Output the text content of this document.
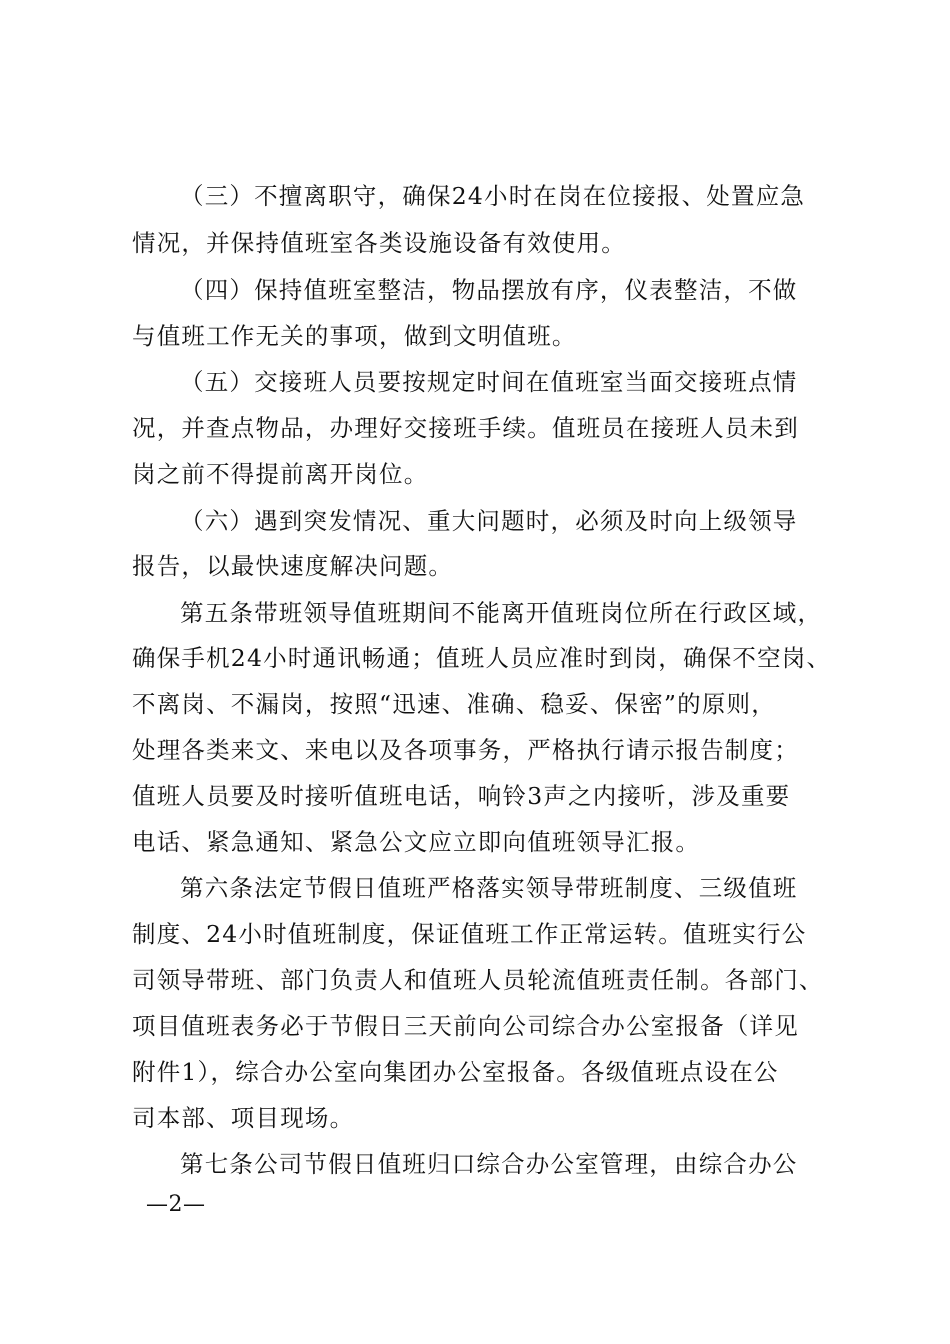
（三）不擅离职守，确保24小时在岗在位接报、处置应急
情况，并保持值班室各类设施设备有效使用。
（四）保持值班室整洁，物品摆放有序，仪表整洁，不做
与值班工作无关的事项，做到文明值班。
（五）交接班人员要按规定时间在值班室当面交接班点情
况，并查点物品，办理好交接班手续。值班员在接班人员未到
岗之前不得提前离开岗位。
（六）遇到突发情况、重大问题时，必须及时向上级领导
报告，以最快速度解决问题。
第五条带班领导值班期间不能离开值班岗位所在行政区域，
确保手机24小时通讯畅通；值班人员应准时到岗，确保不空岗、
不离岗、不漏岗，按照“迅速、准确、稳妥、保密”的原则，
处理各类来文、来电以及各项事务，严格执行请示报告制度；
值班人员要及时接听值班电话，响铃3声之内接听，涉及重要
电话、紧急通知、紧急公文应立即向值班领导汇报。
第六条法定节假日值班严格落实领导带班制度、三级值班
制度、24小时值班制度，保证值班工作正常运转。值班实行公
司领导带班、部门负责人和值班人员轮流值班责任制。各部门、
项目值班表务必于节假日三天前向公司综合办公室报备（详见
附件1），综合办公室向集团办公室报备。各级值班点设在公
司本部、项目现场。
第七条公司节假日值班归口综合办公室管理，由综合办公
—2—
